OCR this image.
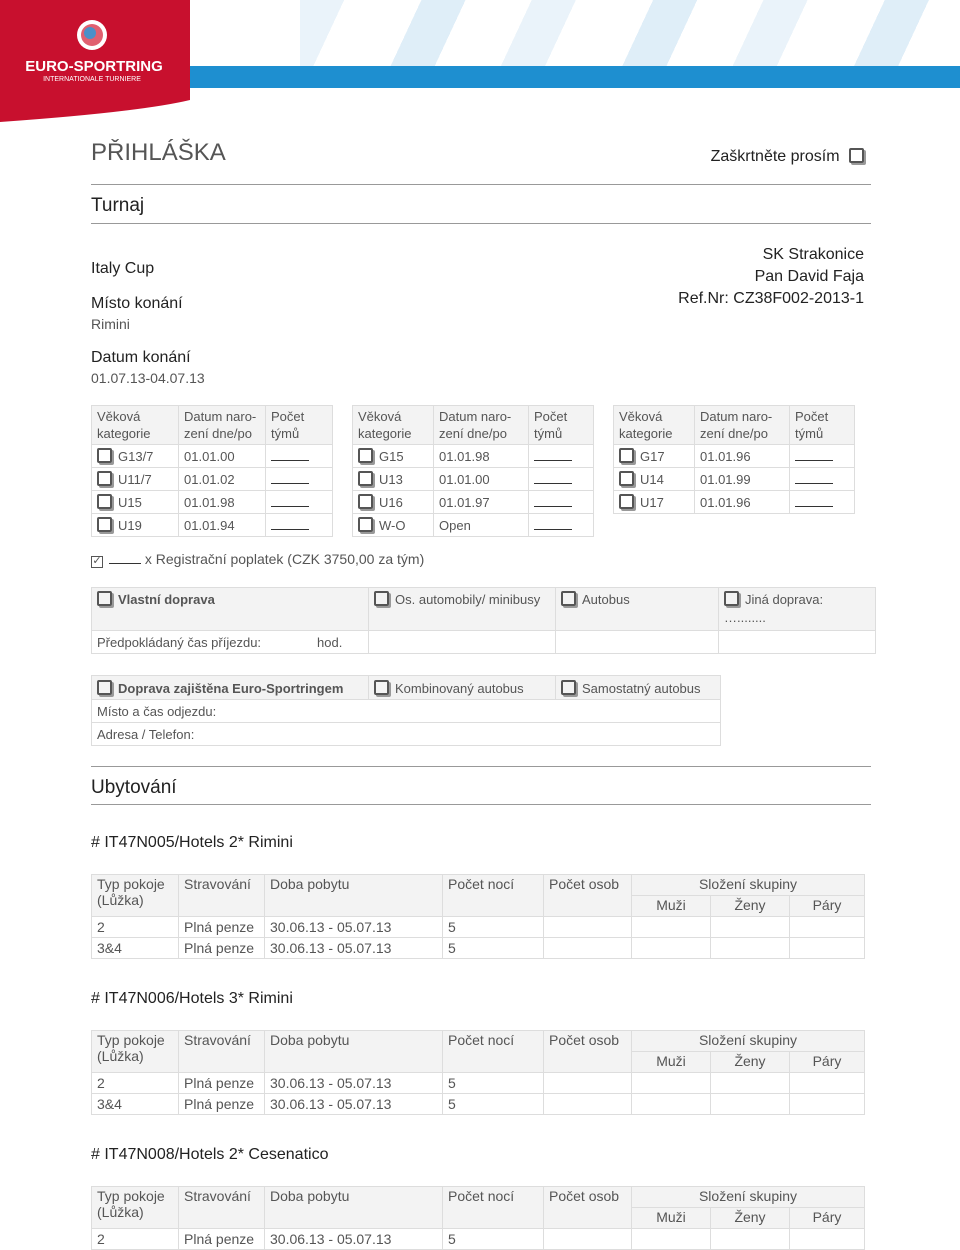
EURO-SPORTRING
INTERNATIONALE TURNIERE
PŘIHLÁŠKA	Zaškrtněte prosím
Turnaj
Italy Cup
Místo konání
Rimini
Datum konání
01.07.13-04.07.13
SK Strakonice
Pan David Faja
Ref.Nr: CZ38F002-2013-1
Věková kategorie	Datum naro-zení dne/po	Počet týmů
G13/7	01.01.00	
U11/7	01.01.02	
U15	01.01.98	
U19	01.01.94	
Věková kategorie	Datum naro-zení dne/po	Počet týmů
G15	01.01.98	
U13	01.01.00	
U16	01.01.97	
W-O	Open	
Věková kategorie	Datum naro-zení dne/po	Počet týmů
G17	01.01.96	
U14	01.01.99	
U17	01.01.96	
✓	x Registrační poplatek (CZK 3750,00 za tým)
Vlastní doprava	Os. automobily/ minibusy	Autobus	Jiná doprava:
…........
Předpokládaný čas příjezdu: hod.			
Doprava zajištěna Euro-Sportringem	Kombinovaný autobus	Samostatný autobus
Místo a čas odjezdu:
Adresa / Telefon:
Ubytování
# IT47N005/Hotels 2* Rimini
Typ pokoje (Lůžka)	Stravování	Doba pobytu	Počet nocí	Počet osob	Složení skupiny		
					Muži	Ženy	Páry
2	Plná penze	30.06.13 - 05.07.13	5				
3&4	Plná penze	30.06.13 - 05.07.13	5				
# IT47N006/Hotels 3* Rimini
Typ pokoje (Lůžka)	Stravování	Doba pobytu	Počet nocí	Počet osob	Složení skupiny		
					Muži	Ženy	Páry
2	Plná penze	30.06.13 - 05.07.13	5				
3&4	Plná penze	30.06.13 - 05.07.13	5				
# IT47N008/Hotels 2* Cesenatico
Typ pokoje (Lůžka)	Stravování	Doba pobytu	Počet nocí	Počet osob	Složení skupiny		
					Muži	Ženy	Páry
2	Plná penze	30.06.13 - 05.07.13	5				
